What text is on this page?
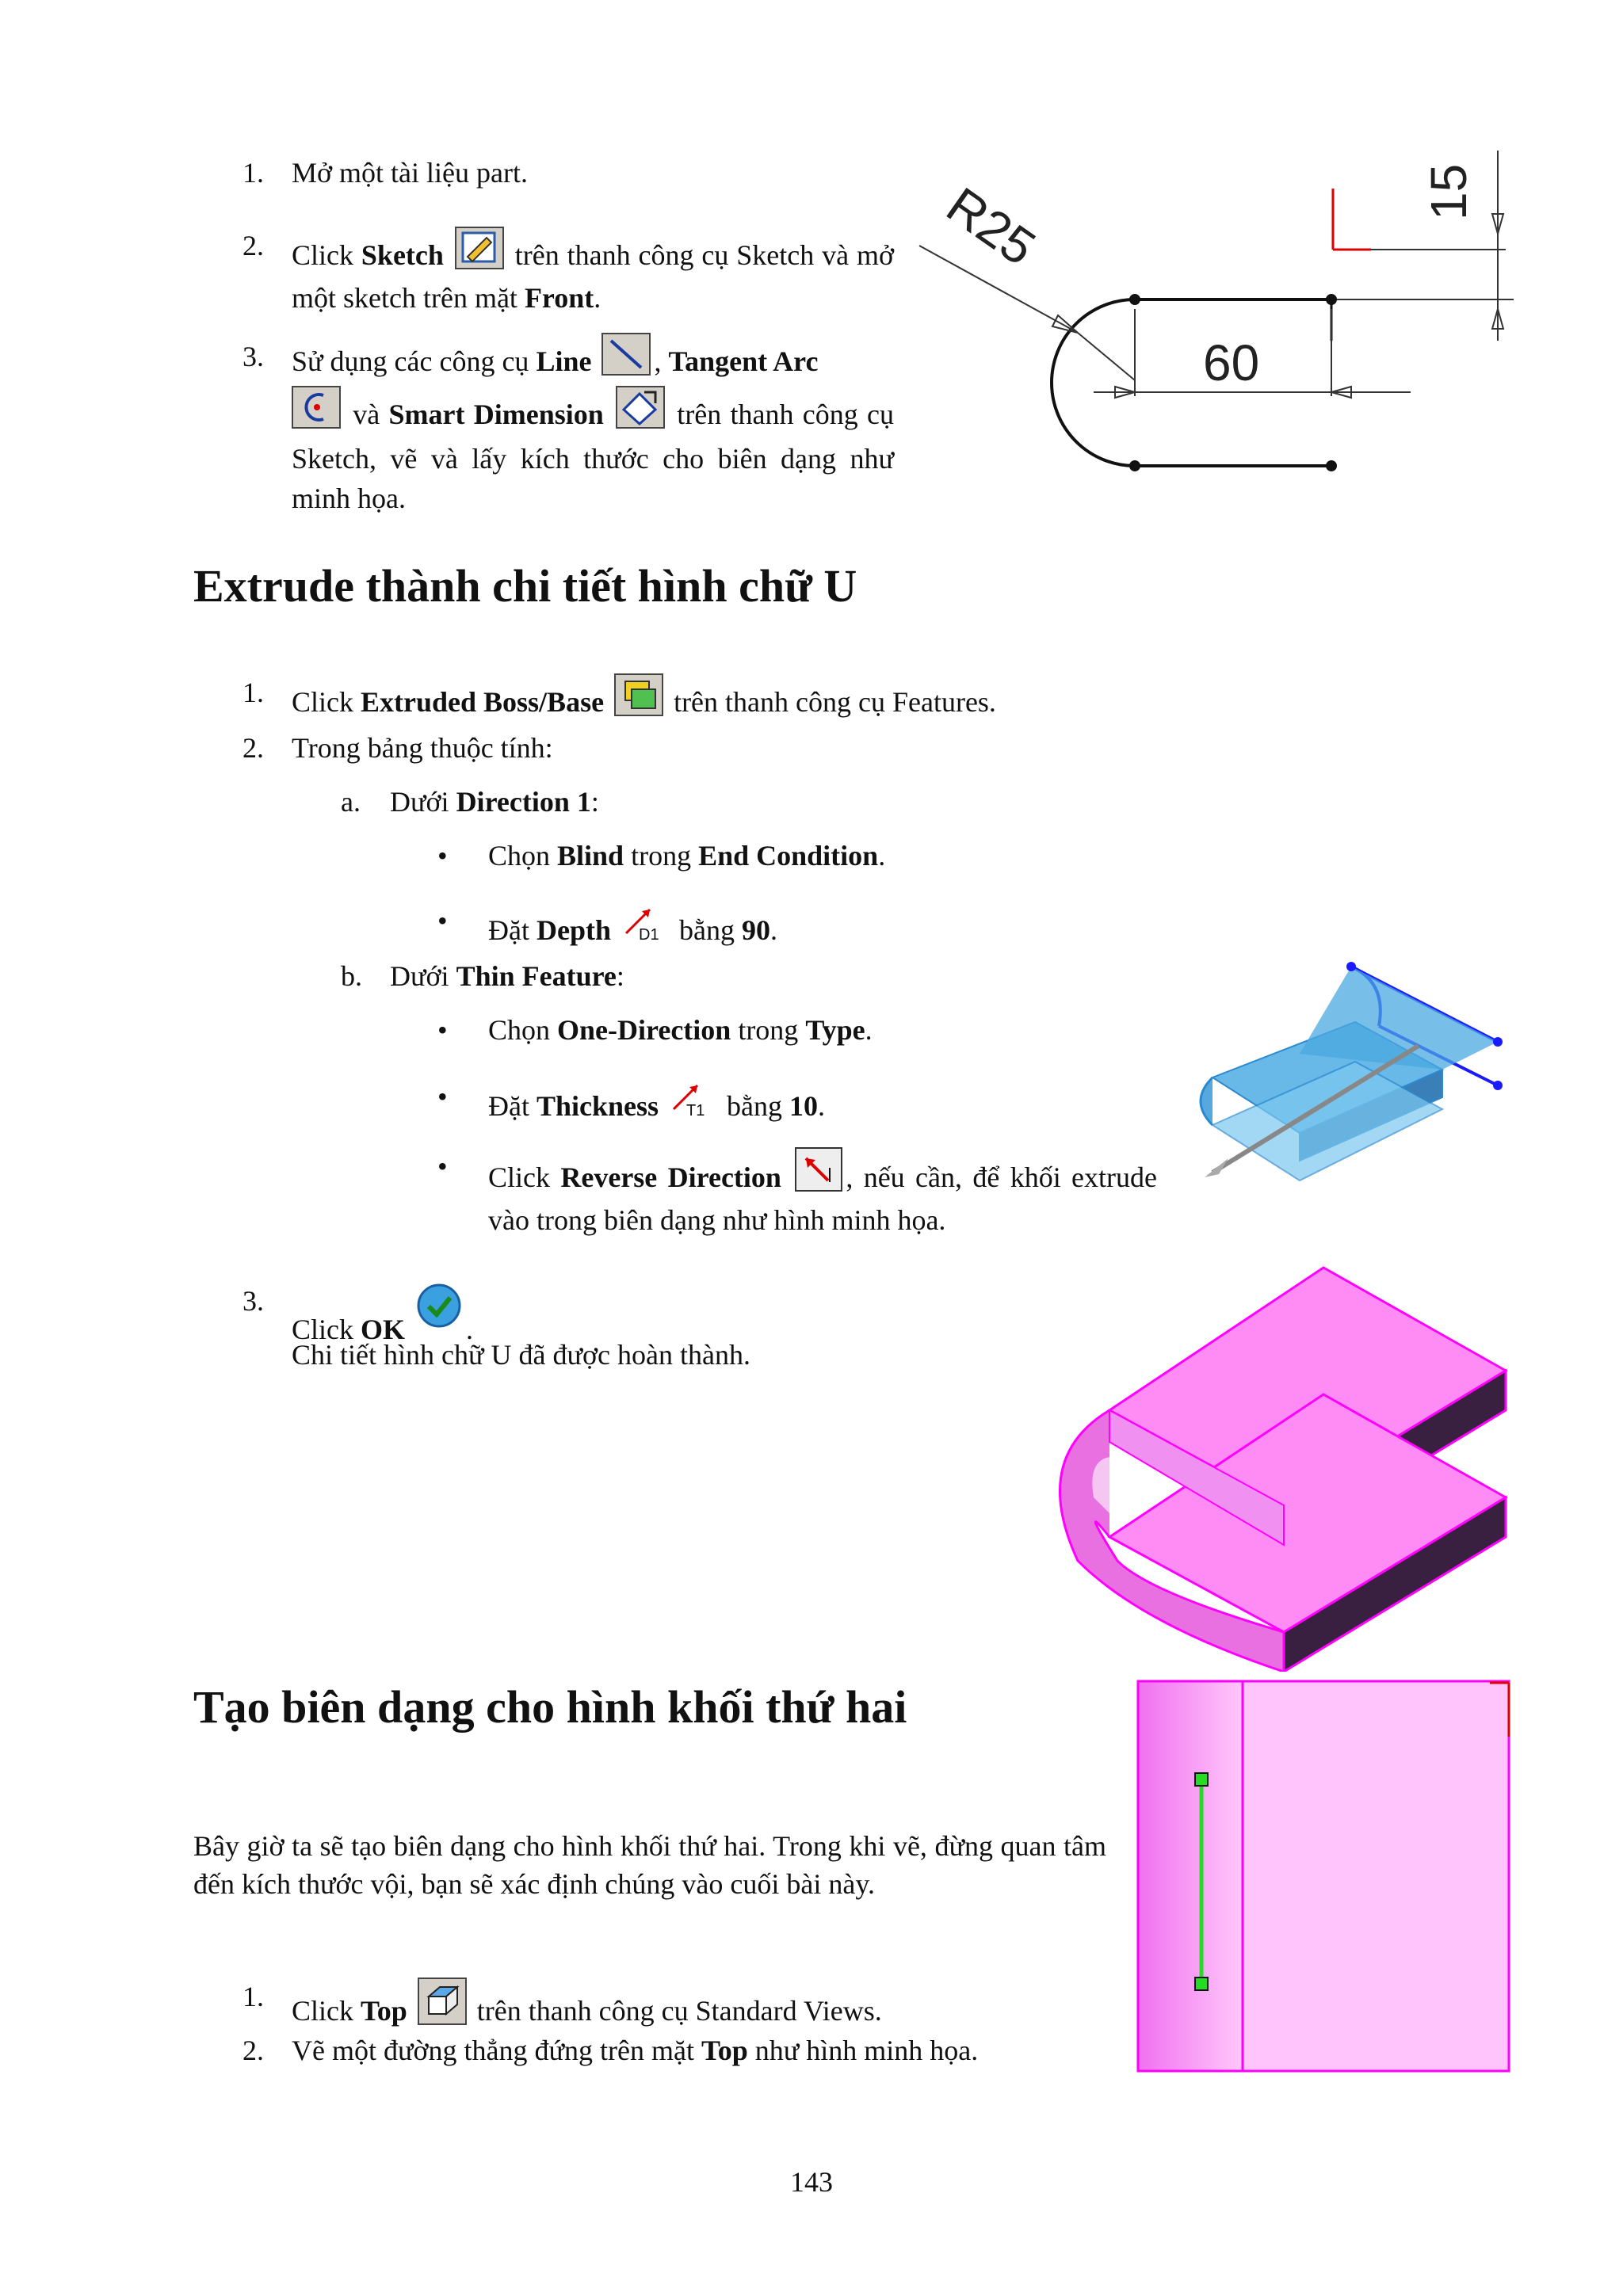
1. Mở một tài liệu part.
2. Click Sketch  trên thanh công cụ Sketch và mở một sketch trên mặt Front.
3. Sử dụng các công cụ Line , Tangent Arc
và Smart Dimension  trên thanh công cụ Sketch, vẽ và lấy kích thước cho biên dạng như minh họa.
15
60
R25
Extrude thành chi tiết hình chữ U
1. Click Extruded Boss/Base  trên thanh công cụ Features.
2. Trong bảng thuộc tính:
a. Dưới Direction 1:
• Chọn Blind trong End Condition.
• Đặt Depth D1 bằng 90.
b. Dưới Thin Feature:
• Chọn One-Direction trong Type.
• Đặt Thickness T1 bằng 10.
• Click Reverse Direction , nếu cần, để khối extrude vào trong biên dạng như hình minh họa.
3.
Click OK .
Chi tiết hình chữ U đã được hoàn thành.
Tạo biên dạng cho hình khối thứ hai
Bây giờ ta sẽ tạo biên dạng cho hình khối thứ hai. Trong khi vẽ, đừng quan tâm đến kích thước vội, bạn sẽ xác định chúng vào cuối bài này.
1. Click Top  trên thanh công cụ Standard Views.
2. Vẽ một đường thẳng đứng trên mặt Top như hình minh họa.
143
